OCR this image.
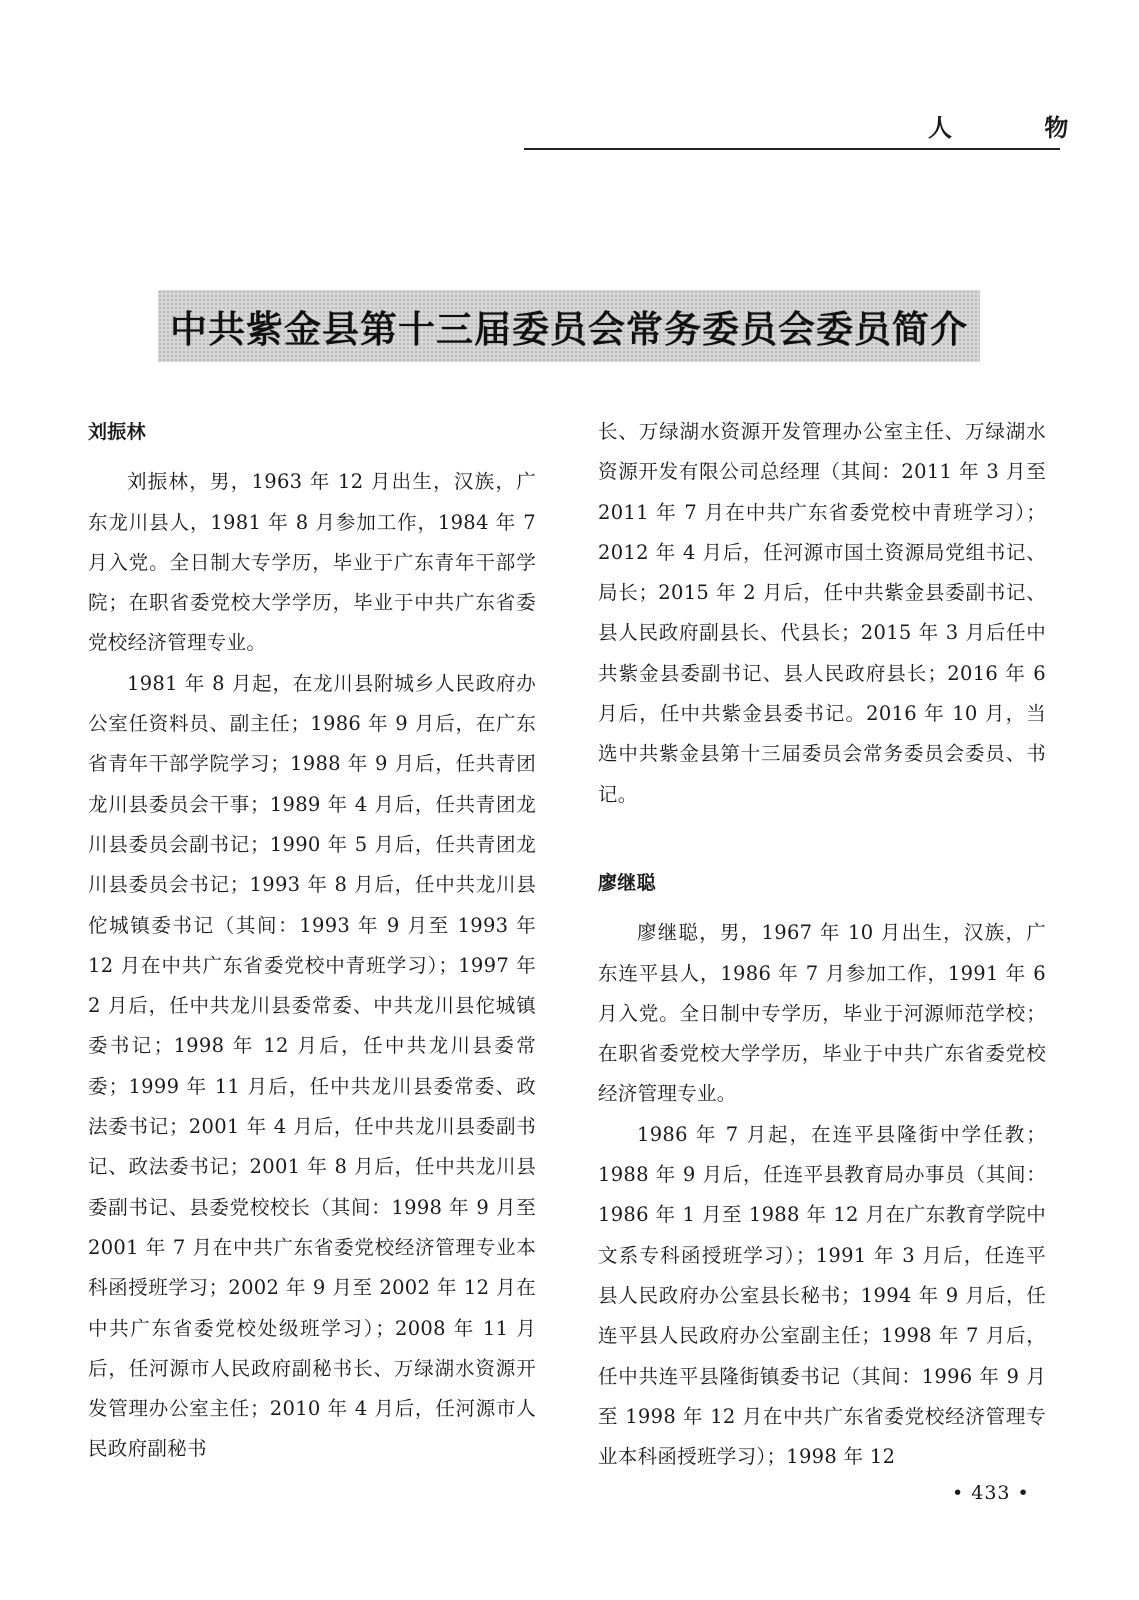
人 物
中共紫金县第十三届委员会常务委员会委员简介
刘振林

刘振林，男，1963 年 12 月出生，汉族，广东龙川县人，1981 年 8 月参加工作，1984 年 7 月入党。全日制大专学历，毕业于广东青年干部学院；在职省委党校大学学历，毕业于中共广东省委党校经济管理专业。

1981 年 8 月起，在龙川县附城乡人民政府办公室任资料员、副主任；1986 年 9 月后，在广东省青年干部学院学习；1988 年 9 月后，任共青团龙川县委员会干事；1989 年 4 月后，任共青团龙川县委员会副书记；1990 年 5 月后，任共青团龙川县委员会书记；1993 年 8 月后，任中共龙川县佗城镇委书记（其间：1993 年 9 月至 1993 年 12 月在中共广东省委党校中青班学习）；1997 年 2 月后，任中共龙川县委常委、中共龙川县佗城镇委书记；1998 年 12 月后，任中共龙川县委常委；1999 年 11 月后，任中共龙川县委常委、政法委书记；2001 年 4 月后，任中共龙川县委副书记、政法委书记；2001 年 8 月后，任中共龙川县委副书记、县委党校校长（其间：1998 年 9 月至 2001 年 7 月在中共广东省委党校经济管理专业本科函授班学习；2002 年 9 月至 2002 年 12 月在中共广东省委党校处级班学习）；2008 年 11 月后，任河源市人民政府副秘书长、万绿湖水资源开发管理办公室主任；2010 年 4 月后，任河源市人民政府副秘书

长、万绿湖水资源开发管理办公室主任、万绿湖水资源开发有限公司总经理（其间：2011 年 3 月至 2011 年 7 月在中共广东省委党校中青班学习）；2012 年 4 月后，任河源市国土资源局党组书记、局长；2015 年 2 月后，任中共紫金县委副书记、县人民政府副县长、代县长；2015 年 3 月后任中共紫金县委副书记、县人民政府县长；2016 年 6 月后，任中共紫金县委书记。2016 年 10 月，当选中共紫金县第十三届委员会常务委员会委员、书记。

廖继聪

廖继聪，男，1967 年 10 月出生，汉族，广东连平县人，1986 年 7 月参加工作，1991 年 6 月入党。全日制中专学历，毕业于河源师范学校；在职省委党校大学学历，毕业于中共广东省委党校经济管理专业。

1986 年 7 月起，在连平县隆街中学任教；1988 年 9 月后，任连平县教育局办事员（其间：1986 年 1 月至 1988 年 12 月在广东教育学院中文系专科函授班学习）；1991 年 3 月后，任连平县人民政府办公室县长秘书；1994 年 9 月后，任连平县人民政府办公室副主任；1998 年 7 月后，任中共连平县隆街镇委书记（其间：1996 年 9 月至 1998 年 12 月在中共广东省委党校经济管理专业本科函授班学习）；1998 年 12

• 433 •
